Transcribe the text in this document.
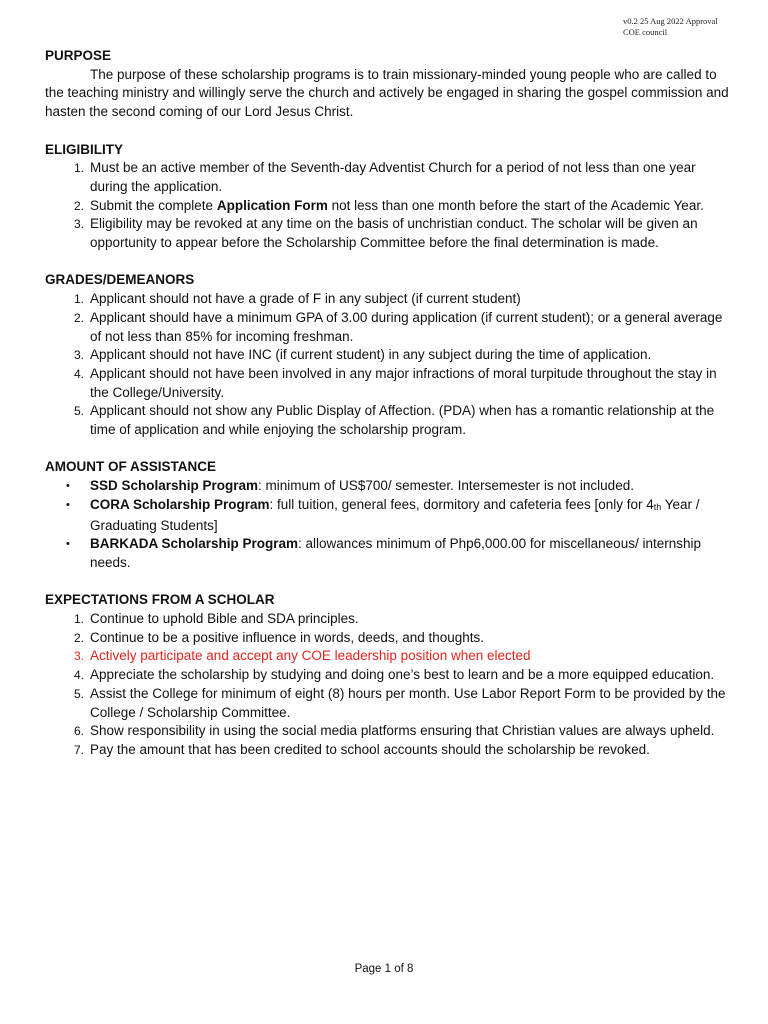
v0.2 25 Aug 2022 Approval
COE council

PURPOSE

The purpose of these scholarship programs is to train missionary-minded young people who are called to the teaching ministry and willingly serve the church and actively be engaged in sharing the gospel commission and hasten the second coming of our Lord Jesus Christ.

ELIGIBILITY

1. Must be an active member of the Seventh-day Adventist Church for a period of not less than one year during the application.
2. Submit the complete Application Form not less than one month before the start of the Academic Year.
3. Eligibility may be revoked at any time on the basis of unchristian conduct. The scholar will be given an opportunity to appear before the Scholarship Committee before the final determination is made.

GRADES/DEMEANORS

1. Applicant should not have a grade of F in any subject (if current student)
2. Applicant should have a minimum GPA of 3.00 during application (if current student); or a general average of not less than 85% for incoming freshman.
3. Applicant should not have INC (if current student) in any subject during the time of application.
4. Applicant should not have been involved in any major infractions of moral turpitude throughout the stay in the College/University.
5. Applicant should not show any Public Display of Affection. (PDA) when has a romantic relationship at the time of application and while enjoying the scholarship program.

AMOUNT OF ASSISTANCE

• SSD Scholarship Program: minimum of US$700/ semester. Intersemester is not included.
• CORA Scholarship Program: full tuition, general fees, dormitory and cafeteria fees [only for 4th Year / Graduating Students]
• BARKADA Scholarship Program: allowances minimum of Php6,000.00 for miscellaneous/ internship needs.

EXPECTATIONS FROM A SCHOLAR

1. Continue to uphold Bible and SDA principles.
2. Continue to be a positive influence in words, deeds, and thoughts.
3. Actively participate and accept any COE leadership position when elected
4. Appreciate the scholarship by studying and doing one’s best to learn and be a more equipped education.
5. Assist the College for minimum of eight (8) hours per month. Use Labor Report Form to be provided by the College / Scholarship Committee.
6. Show responsibility in using the social media platforms ensuring that Christian values are always upheld.
7. Pay the amount that has been credited to school accounts should the scholarship be revoked.
Page 1 of 8
